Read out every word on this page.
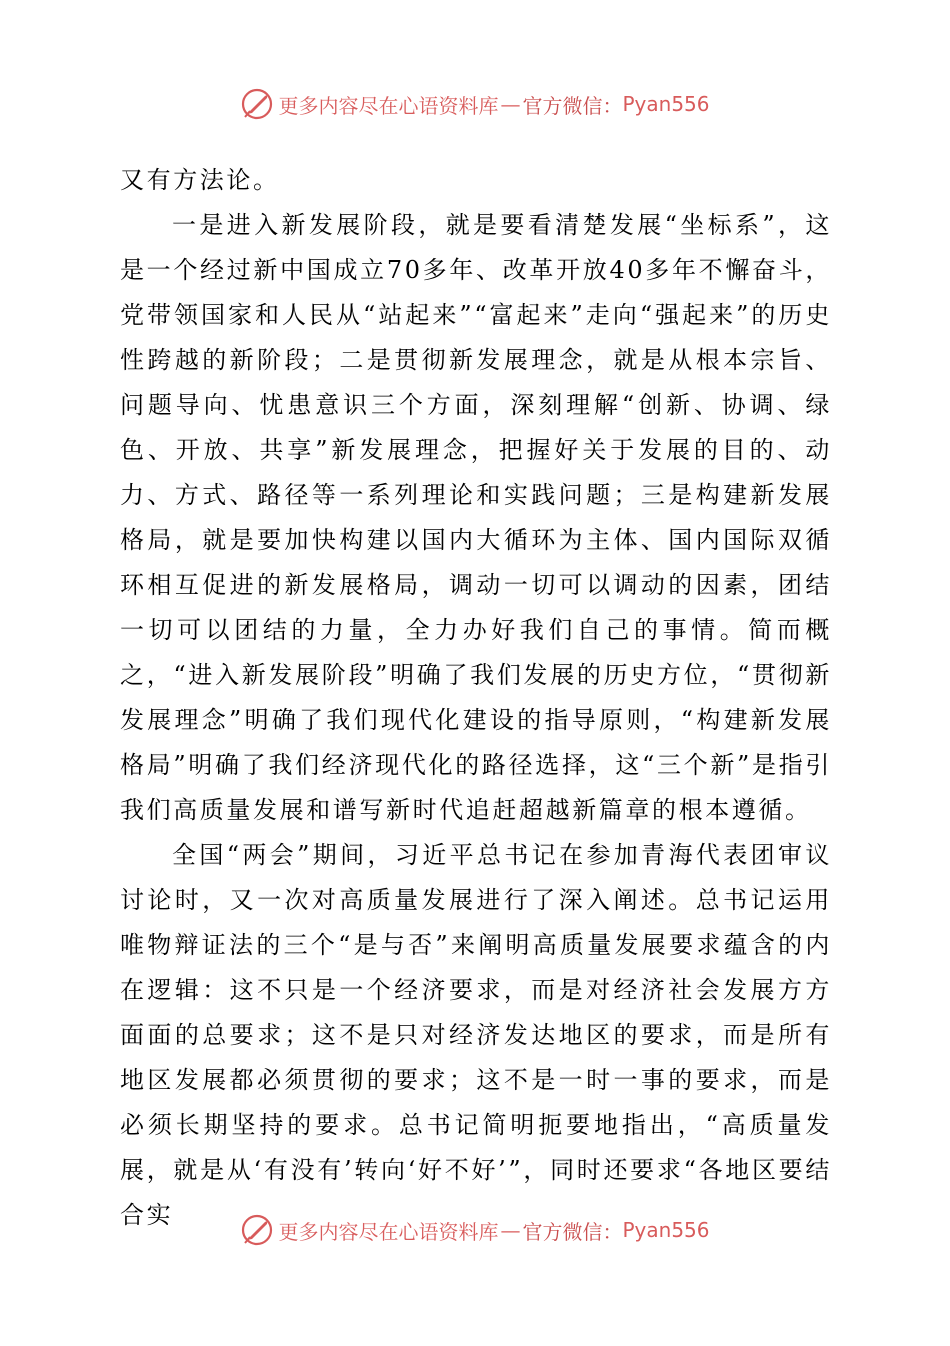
更多内容尽在心语资料库 — 官方微信： Pyan556

又有方法论。

一是进入新发展阶段，就是要看清楚发展“坐标系”，这是一个经过新中国成立70多年、改革开放40多年不懈奋斗，党带领国家和人民从“站起来”“富起来”走向“强起来”的历史性跨越的新阶段；二是贯彻新发展理念，就是从根本宗旨、问题导向、忧患意识三个方面，深刻理解“创新、协调、绿色、开放、共享”新发展理念，把握好关于发展的目的、动力、方式、路径等一系列理论和实践问题；三是构建新发展格局，就是要加快构建以国内大循环为主体、国内国际双循环相互促进的新发展格局，调动一切可以调动的因素，团结一切可以团结的力量，全力办好我们自己的事情。简而概之，“进入新发展阶段”明确了我们发展的历史方位，“贯彻新发展理念”明确了我们现代化建设的指导原则，“构建新发展格局”明确了我们经济现代化的路径选择，这“三个新”是指引我们高质量发展和谱写新时代追赶超越新篇章的根本遵循。

全国“两会”期间，习近平总书记在参加青海代表团审议讨论时，又一次对高质量发展进行了深入阐述。总书记运用唯物辩证法的三个“是与否”来阐明高质量发展要求蕴含的内在逻辑：这不只是一个经济要求，而是对经济社会发展方方面面的总要求；这不是只对经济发达地区的要求，而是所有地区发展都必须贯彻的要求；这不是一时一事的要求，而是必须长期坚持的要求。总书记简明扼要地指出，“高质量发展，就是从‘有没有’转向‘好不好’”，同时还要求“各地区要结合实

更多内容尽在心语资料库 — 官方微信： Pyan556
